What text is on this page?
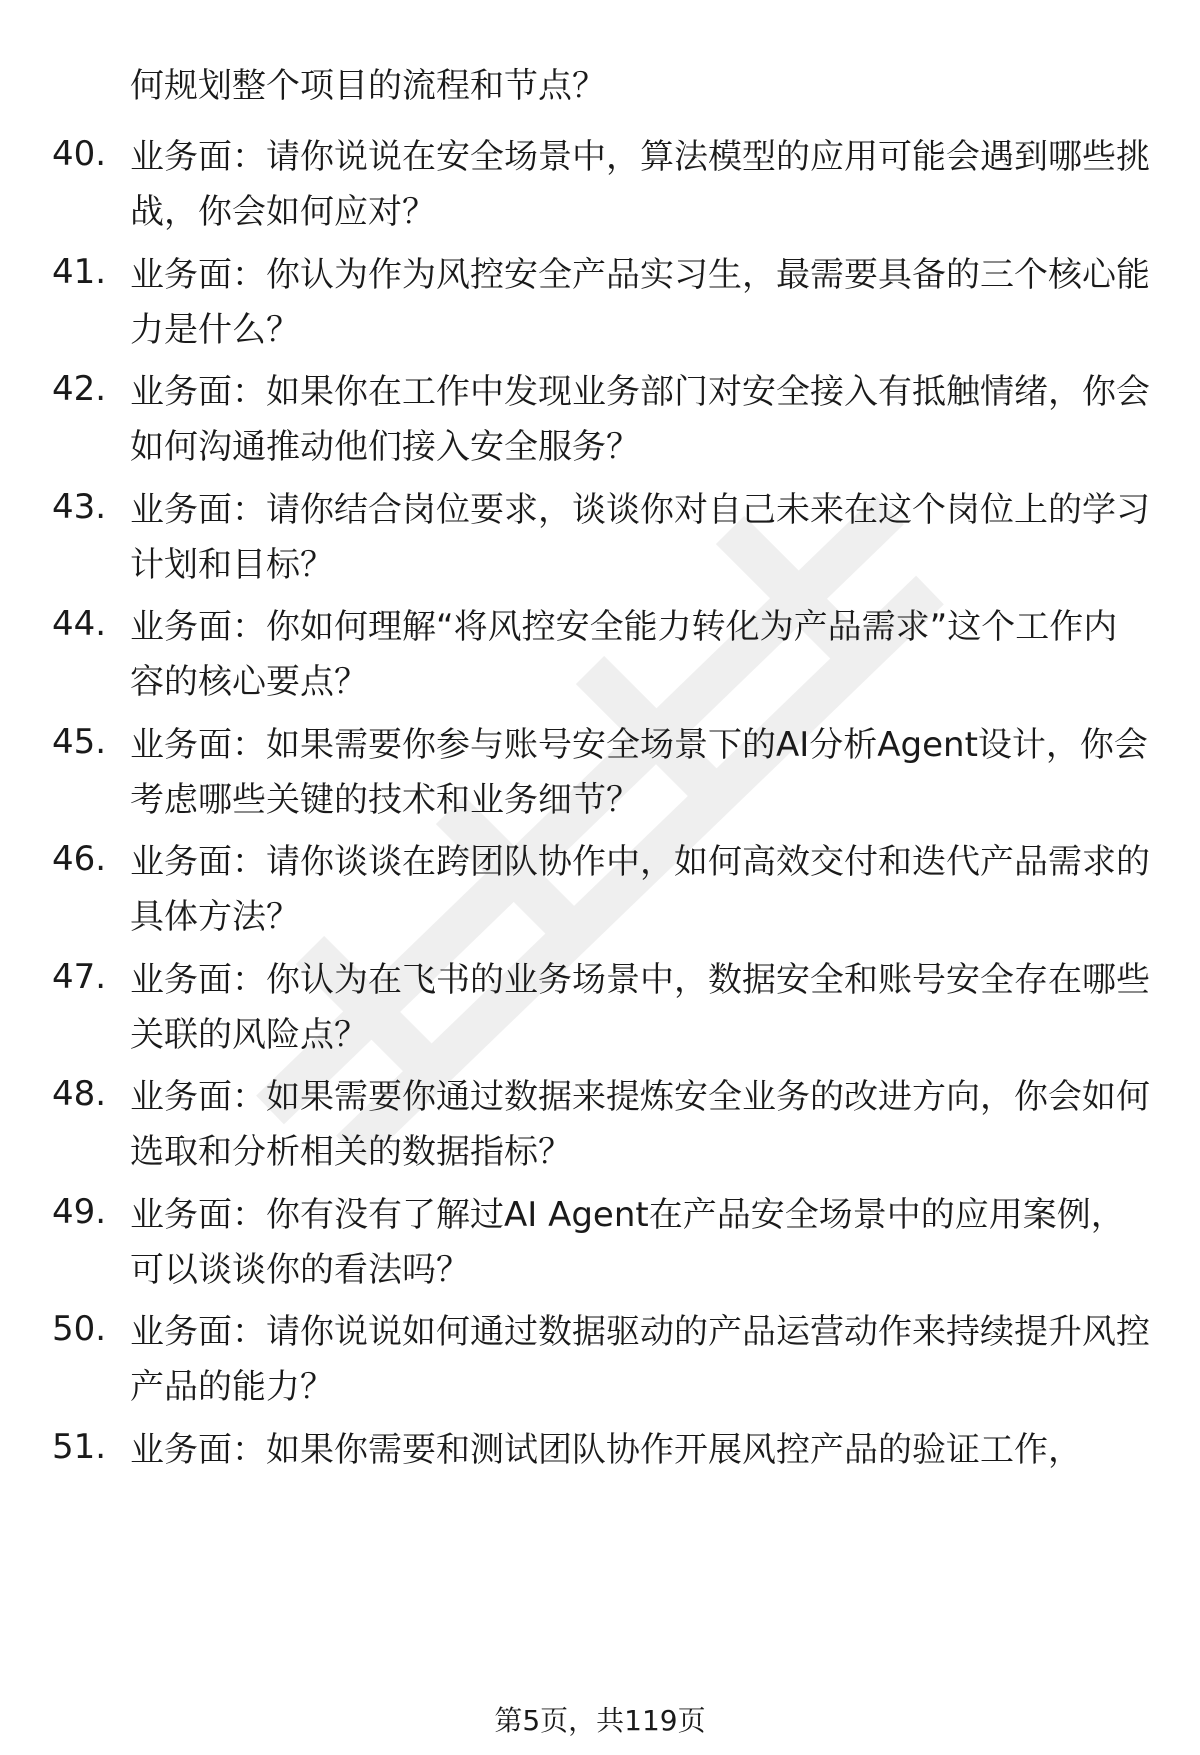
何规划整个项目的流程和节点？
40. 业务面：请你说说在安全场景中，算法模型的应用可能会遇到哪些挑战，你会如何应对？
41. 业务面：你认为作为风控安全产品实习生，最需要具备的三个核心能力是什么？
42. 业务面：如果你在工作中发现业务部门对安全接入有抵触情绪，你会如何沟通推动他们接入安全服务？
43. 业务面：请你结合岗位要求，谈谈你对自己未来在这个岗位上的学习计划和目标？
44. 业务面：你如何理解“将风控安全能力转化为产品需求”这个工作内容的核心要点？
45. 业务面：如果需要你参与账号安全场景下的AI分析Agent设计，你会考虑哪些关键的技术和业务细节？
46. 业务面：请你谈谈在跨团队协作中，如何高效交付和迭代产品需求的具体方法？
47. 业务面：你认为在飞书的业务场景中，数据安全和账号安全存在哪些关联的风险点？
48. 业务面：如果需要你通过数据来提炼安全业务的改进方向，你会如何选取和分析相关的数据指标？
49. 业务面：你有没有了解过AI Agent在产品安全场景中的应用案例，可以谈谈你的看法吗？
50. 业务面：请你说说如何通过数据驱动的产品运营动作来持续提升风控产品的能力？
51. 业务面：如果你需要和测试团队协作开展风控产品的验证工作，
第5页，共119页
